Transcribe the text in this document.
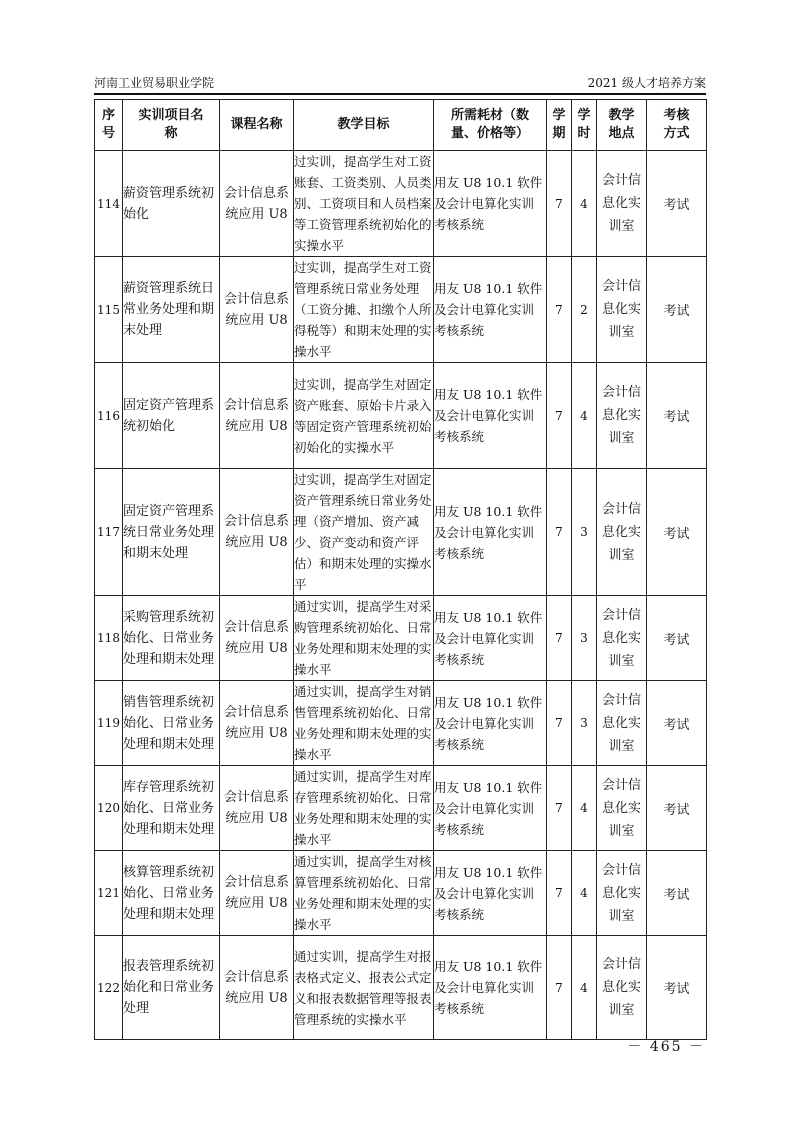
河南工业贸易职业学院	2021 级人才培养方案
序号	实训项目名称	课程名称	教学目标	所需耗材（数量、价格等）	学期	学时	教学地点	考核方式
114	薪资管理系统初始化	会计信息系统应用 U8	过实训，提高学生对工资账套、工资类别、人员类别、工资项目和人员档案等工资管理系统初始化的实操水平	用友 U8 10.1 软件及会计电算化实训考核系统	7	4	会计信息化实训室	考试
115	薪资管理系统日常业务处理和期末处理	会计信息系统应用 U8	过实训，提高学生对工资管理系统日常业务处理（工资分摊、扣缴个人所得税等）和期末处理的实操水平	用友 U8 10.1 软件及会计电算化实训考核系统	7	2	会计信息化实训室	考试
116	固定资产管理系统初始化	会计信息系统应用 U8	过实训，提高学生对固定资产账套、原始卡片录入等固定资产管理系统初始初始化的实操水平	用友 U8 10.1 软件及会计电算化实训考核系统	7	4	会计信息化实训室	考试
117	固定资产管理系统日常业务处理和期末处理	会计信息系统应用 U8	过实训，提高学生对固定资产管理系统日常业务处理（资产增加、资产减少、资产变动和资产评估）和期末处理的实操水平	用友 U8 10.1 软件及会计电算化实训考核系统	7	3	会计信息化实训室	考试
118	采购管理系统初始化、日常业务处理和期末处理	会计信息系统应用 U8	通过实训，提高学生对采购管理系统初始化、日常业务处理和期末处理的实操水平	用友 U8 10.1 软件及会计电算化实训考核系统	7	3	会计信息化实训室	考试
119	销售管理系统初始化、日常业务处理和期末处理	会计信息系统应用 U8	通过实训，提高学生对销售管理系统初始化、日常业务处理和期末处理的实操水平	用友 U8 10.1 软件及会计电算化实训考核系统	7	3	会计信息化实训室	考试
120	库存管理系统初始化、日常业务处理和期末处理	会计信息系统应用 U8	通过实训，提高学生对库存管理系统初始化、日常业务处理和期末处理的实操水平	用友 U8 10.1 软件及会计电算化实训考核系统	7	4	会计信息化实训室	考试
121	核算管理系统初始化、日常业务处理和期末处理	会计信息系统应用 U8	通过实训，提高学生对核算管理系统初始化、日常业务处理和期末处理的实操水平	用友 U8 10.1 软件及会计电算化实训考核系统	7	4	会计信息化实训室	考试
122	报表管理系统初始化和日常业务处理	会计信息系统应用 U8	通过实训，提高学生对报表格式定义、报表公式定义和报表数据管理等报表管理系统的实操水平	用友 U8 10.1 软件及会计电算化实训考核系统	7	4	会计信息化实训室	考试
－ 465 －
